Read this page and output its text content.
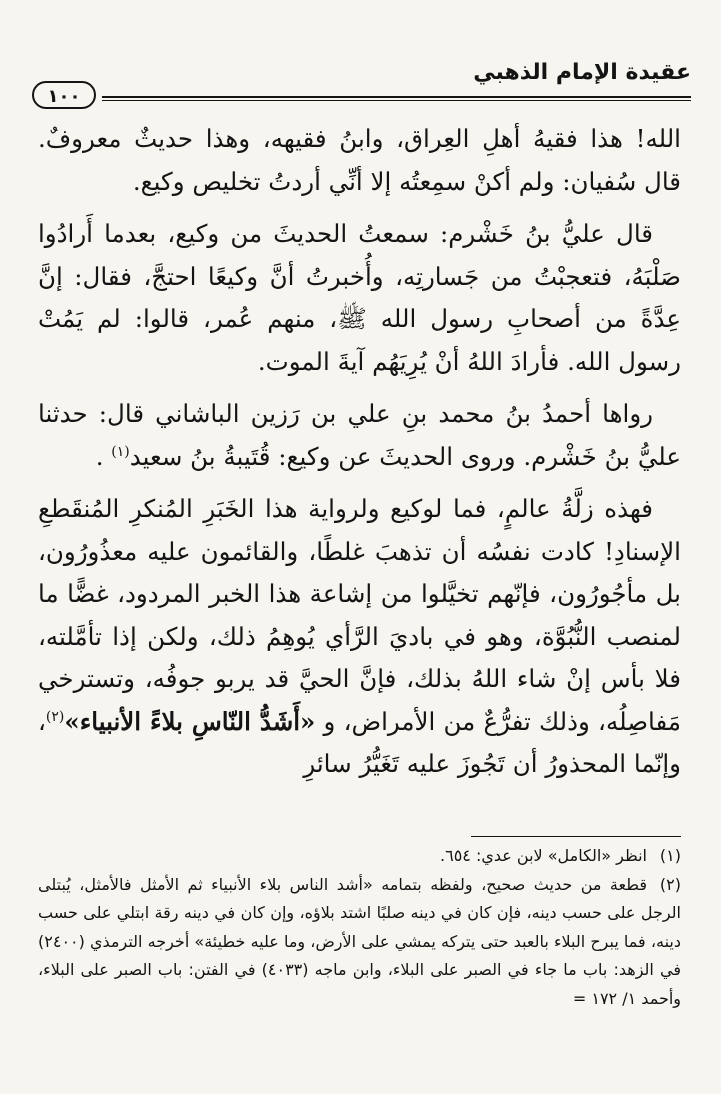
عقيدة الإمام الذهبي
١٠٠

الله! هذا فقيهُ أهلِ العِراق، وابنُ فقيهه، وهذا حديثٌ معروفٌ. قال سُفيان: ولم أكنْ سمِعتُه إلا أنِّي أردتُ تخليص وكيع.

قال عليُّ بنُ خَشْرم: سمعتُ الحديثَ من وكيع، بعدما أَرادُوا صَلْبَهُ، فتعجبْتُ من جَسارتِه، وأُخبرتُ أنَّ وكيعًا احتجَّ، فقال: إنَّ عِدَّةً من أصحابِ رسول الله ﷺ، منهم عُمر، قالوا: لم يَمُتْ رسول الله. فأرادَ اللهُ أنْ يُرِيَهُم آيةَ الموت.

رواها أحمدُ بنُ محمد بنِ علي بن رَزين الباشاني قال: حدثنا عليُّ بنُ خَشْرم. وروى الحديثَ عن وكيع: قُتَيبةُ بنُ سعيد$^{(١)}$ .

فهذه زلَّةُ عالمٍ، فما لوكيع ولرواية هذا الخَبَرِ المُنكرِ المُنقَطعِ الإسنادِ! كادت نفسُه أن تذهبَ غلطًا، والقائمون عليه معذُورُون، بل مأجُورُون، فإنّهم تخيَّلوا من إشاعة هذا الخبر المردود، غضًّا ما لمنصب النُّبُوَّة، وهو في باديَ الرَّأي يُوهِمُ ذلك، ولكن إذا تأمَّلته، فلا بأس إنْ شاء اللهُ بذلك، فإنَّ الحيَّ قد يربو جوفُه، وتسترخي مَفاصِلُه، وذلك تفرُّعٌ من الأمراض، و «أَشَدُّ النّاسِ بلاءً الأنبياء»$^{(٢)}$، وإنّما المحذورُ أن تَجُوزَ عليه تَغَيُّرُ سائرِ

(١)انظر «الكامل» لابن عدي: ٦٥٤.

(٢)قطعة من حديث صحيح، ولفظه بتمامه «أشد الناس بلاء الأنبياء ثم الأمثل فالأمثل، يُبتلى الرجل على حسب دينه، فإن كان في دينه صلبًا اشتد بلاؤه، وإن كان في دينه رقة ابتلي على حسب دينه، فما يبرح البلاء بالعبد حتى يتركه يمشي على الأرض، وما عليه خطيئة» أخرجه الترمذي (٢٤٠٠) في الزهد: باب ما جاء في الصبر على البلاء، وابن ماجه (٤٠٣٣) في الفتن: باب الصبر على البلاء، وأحمد ١/ ١٧٢ =
